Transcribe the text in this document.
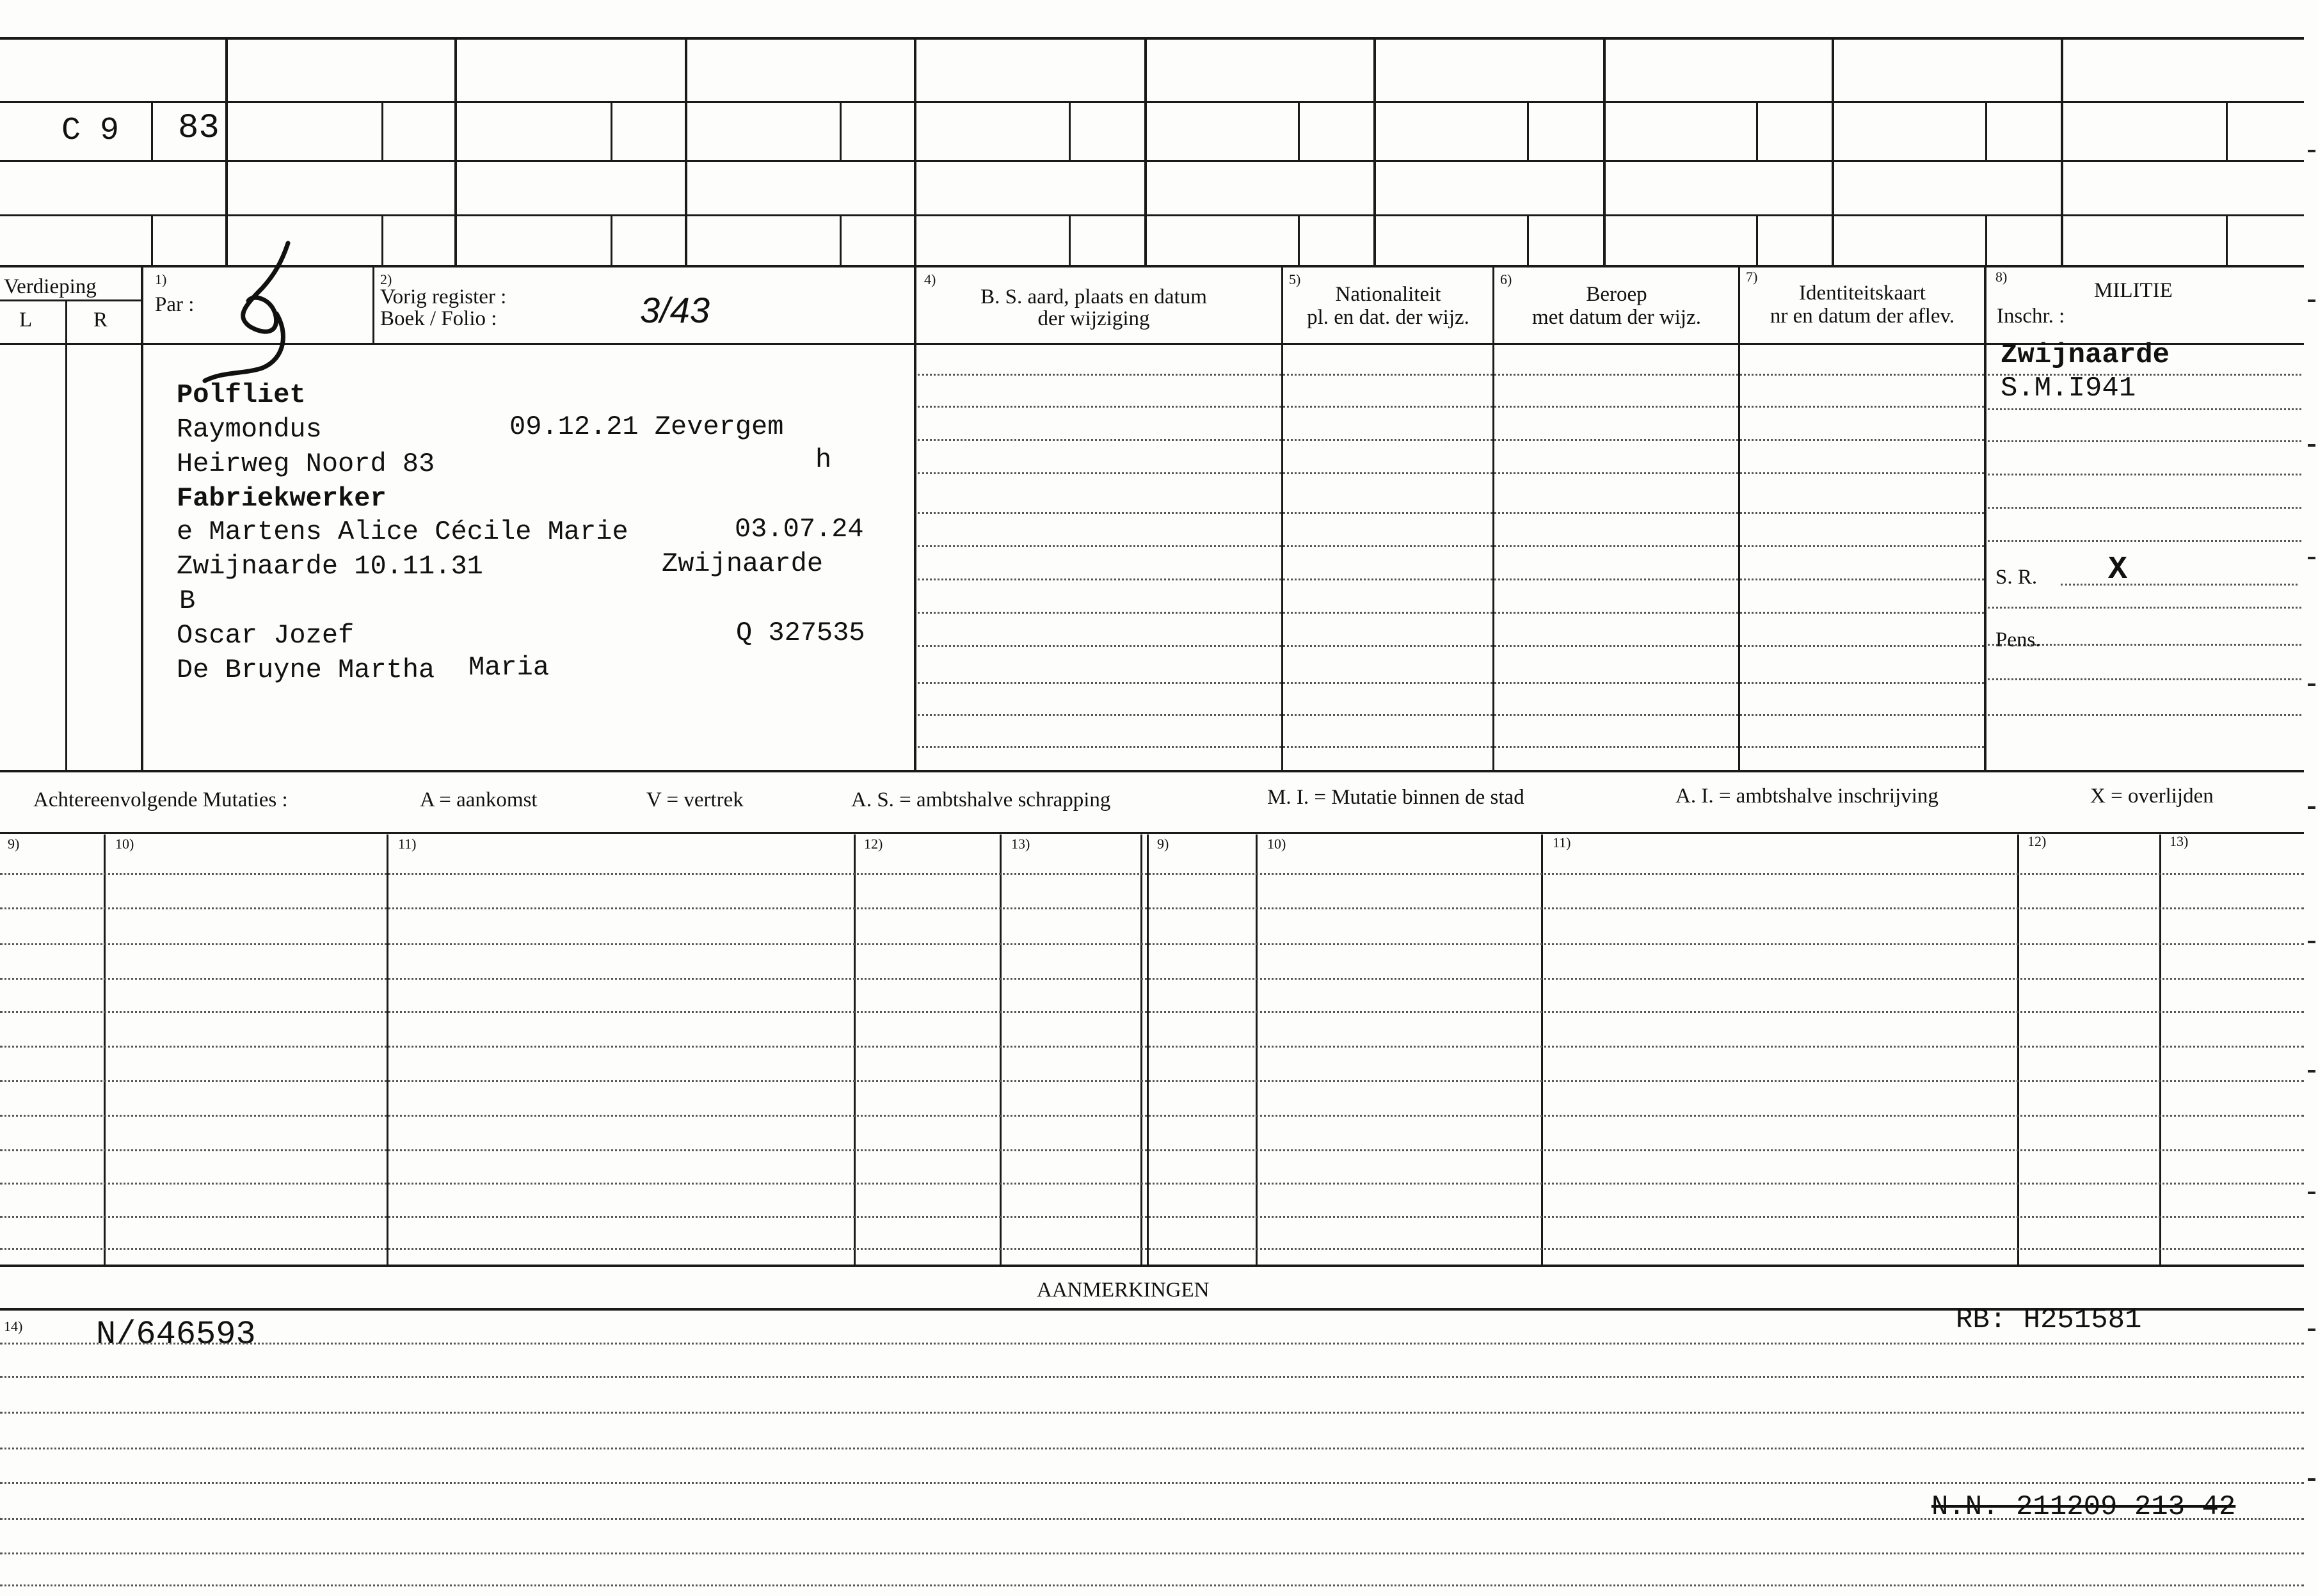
C 9 83
Verdieping
L	R
1)
Par :
2)
Vorig register :
Boek / Folio :	3/43
4)
B. S. aard, plaats en datum
der wijziging
5)
Nationaliteit
pl. en dat. der wijz.
6)
Beroep
met datum der wijz.
7)
Identiteitskaart
nr en datum der aflev.
8)
MILITIE
Inschr. :
Zwijnaarde
S.M.I941
S. R. X
Pens.
Polfliet
Raymondus	09.12.21 Zevergem
Heirweg Noord 83	h
Fabriekwerker
e Martens Alice Cécile Marie	03.07.24
Zwijnaarde 10.11.31	Zwijnaarde
B
Oscar Jozef	Q 327535
De Bruyne Martha Maria
Achtereenvolgende Mutaties :	A = aankomst	V = vertrek	A. S. = ambtshalve schrapping	M. I. = Mutatie binnen de stad	A. I. = ambtshalve inschrijving	X = overlijden
9)	10)	11)	12)	13)	9)	10)	11)	12)	13)
AANMERKINGEN
14) N/646593	RB: H251581
N.N. 211209 213 42
